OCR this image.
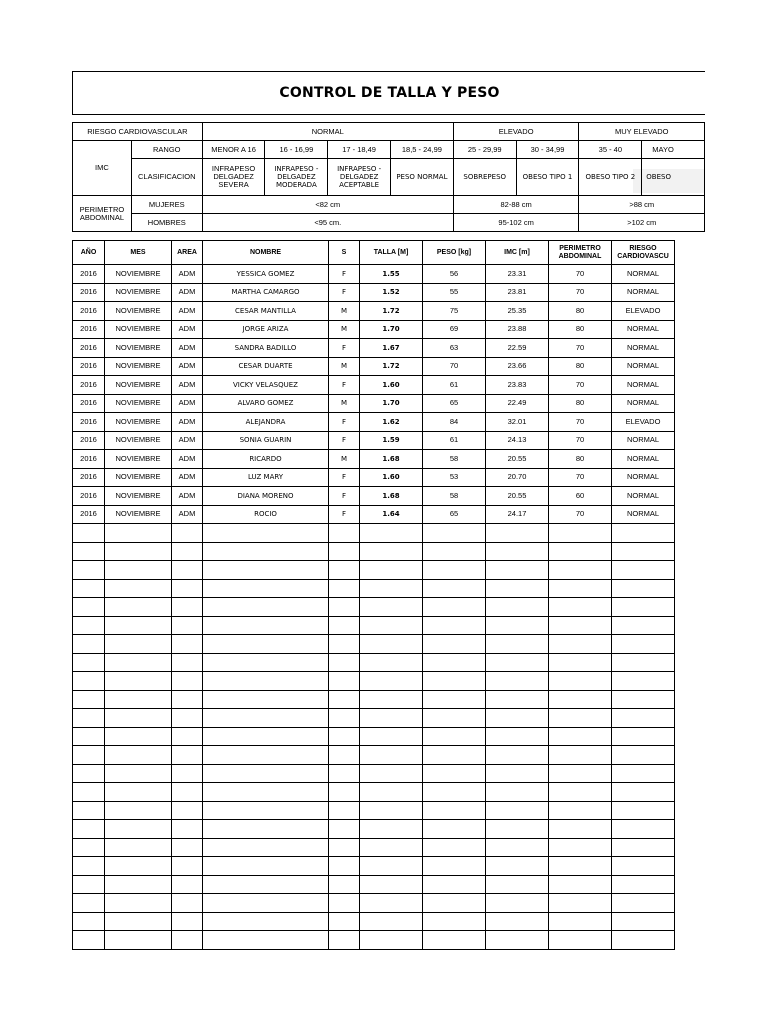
CONTROL DE TALLA Y PESO
RIESGO CARDIOVASCULAR		NORMAL				ELEVADO		MUY ELEVADO	
IMC	RANGO	MENOR A 16	16 - 16,99	17 - 18,49	18,5 - 24,99	25 - 29,99	30 - 34,99	35 - 40	MAYO
	CLASIFICACION	INFRAPESO DELGADEZ SEVERA	INFRAPESO - DELGADEZ MODERADA	INFRAPESO - DELGADEZ ACEPTABLE	PESO NORMAL	SOBREPESO	OBESO TIPO 1	OBESO TIPO 2	OBESO
PERIMETRO ABDOMINAL	MUJERES	<82 cm				82-88 cm		>88 cm	
	HOMBRES	<95 cm.				95-102 cm		>102 cm	
AÑO	MES	AREA	NOMBRE	S	TALLA [M]	PESO [kg]	IMC [m]	PERIMETRO ABDOMINAL	RIESGO CARDIOVASCU
2016	NOVIEMBRE	ADM	YESSICA GOMEZ	F	1.55	56	23.31	70	NORMAL
2016	NOVIEMBRE	ADM	MARTHA CAMARGO	F	1.52	55	23.81	70	NORMAL
2016	NOVIEMBRE	ADM	CESAR MANTILLA	M	1.72	75	25.35	80	ELEVADO
2016	NOVIEMBRE	ADM	JORGE ARIZA	M	1.70	69	23.88	80	NORMAL
2016	NOVIEMBRE	ADM	SANDRA BADILLO	F	1.67	63	22.59	70	NORMAL
2016	NOVIEMBRE	ADM	CESAR DUARTE	M	1.72	70	23.66	80	NORMAL
2016	NOVIEMBRE	ADM	VICKY VELASQUEZ	F	1.60	61	23.83	70	NORMAL
2016	NOVIEMBRE	ADM	ALVARO GOMEZ	M	1.70	65	22.49	80	NORMAL
2016	NOVIEMBRE	ADM	ALEJANDRA	F	1.62	84	32.01	70	ELEVADO
2016	NOVIEMBRE	ADM	SONIA GUARIN	F	1.59	61	24.13	70	NORMAL
2016	NOVIEMBRE	ADM	RICARDO	M	1.68	58	20.55	80	NORMAL
2016	NOVIEMBRE	ADM	LUZ MARY	F	1.60	53	20.70	70	NORMAL
2016	NOVIEMBRE	ADM	DIANA MORENO	F	1.68	58	20.55	60	NORMAL
2016	NOVIEMBRE	ADM	ROCIO	F	1.64	65	24.17	70	NORMAL
